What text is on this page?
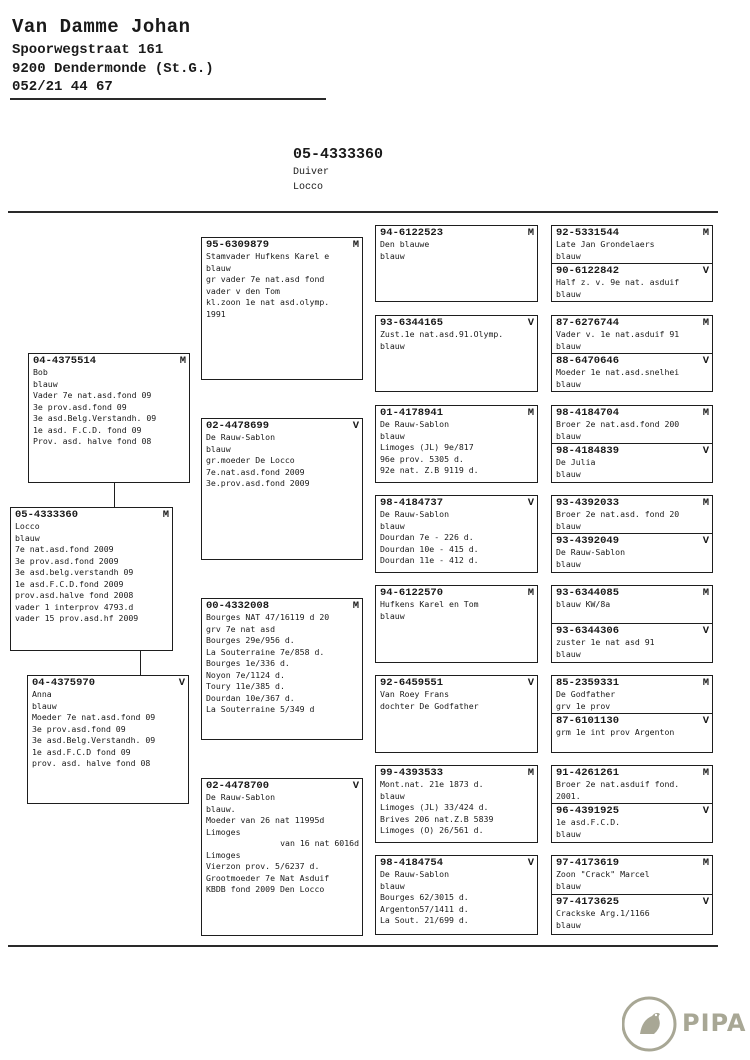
Van Damme Johan
Spoorwegstraat 161
9200 Dendermonde (St.G.)
052/21 44 67
05-4333360
Duiver
Locco
05-4333360	M
Locco
blauw
7e nat.asd.fond 2009
3e prov.asd.fond 2009
3e asd.belg.verstandh 09
1e asd.F.C.D.fond 2009
prov.asd.halve fond 2008
vader 1 interprov 4793.d
vader 15 prov.asd.hf 2009
04-4375514	M
Bob
blauw
Vader 7e nat.asd.fond 09
3e prov.asd.fond 09
3e asd.Belg.Verstandh. 09
1e asd. F.C.D. fond 09
Prov. asd. halve fond 08
04-4375970	V
Anna
blauw
Moeder 7e nat.asd.fond 09
3e prov.asd.fond 09
3e asd.Belg.Verstandh. 09
1e asd.F.C.D fond 09
prov. asd. halve fond 08
95-6309879	M
Stamvader Hufkens Karel e
blauw
gr vader 7e nat.asd fond
vader v den Tom
kl.zoon 1e nat asd.olymp.
1991
02-4478699	V
De Rauw-Sablon
blauw
gr.moeder De Locco
7e.nat.asd.fond 2009
3e.prov.asd.fond 2009
00-4332008	M
Bourges NAT 47/16119 d 20
grv 7e nat asd
Bourges 29e/956 d.
La Souterraine 7e/858 d.
Bourges 1e/336 d.
Noyon 7e/1124 d.
Toury 11e/385 d.
Dourdan 10e/367 d.
La Souterraine 5/349 d
02-4478700	V
De Rauw-Sablon
blauw.
Moeder van 26 nat 11995d
Limoges
van 16 nat 6016d
Limoges
Vierzon prov. 5/6237 d.
Grootmoeder 7e Nat Asduif
KBDB fond 2009 Den Locco
94-6122523	M
Den blauwe
blauw
93-6344165	V
Zust.1e nat.asd.91.Olymp.
blauw
01-4178941	M
De Rauw-Sablon
blauw
Limoges (JL) 9e/817
96e prov. 5305 d.
92e nat. Z.B 9119 d.
98-4184737	V
De Rauw-Sablon
blauw
Dourdan 7e - 226 d.
Dourdan 10e - 415 d.
Dourdan 11e - 412 d.
94-6122570	M
Hufkens Karel en Tom
blauw
92-6459551	V
Van Roey Frans
dochter De Godfather
99-4393533	M
Mont.nat. 21e 1873 d.
blauw
Limoges (JL) 33/424 d.
Brives 206 nat.Z.B 5839
Limoges (O) 26/561 d.
98-4184754	V
De Rauw-Sablon
blauw
Bourges 62/3015 d.
Argenton57/1411 d.
La Sout. 21/699 d.
92-5331544	M
Late Jan Grondelaers
blauw
90-6122842	V
Half z. v. 9e nat. asduif
blauw
87-6276744	M
Vader v. 1e nat.asduif 91
blauw
88-6470646	V
Moeder 1e nat.asd.snelhei
blauw
98-4184704	M
Broer 2e nat.asd.fond 200
blauw
98-4184839	V
De Julia
blauw
93-4392033	M
Broer 2e nat.asd. fond 20
blauw
93-4392049	V
De Rauw-Sablon
blauw
93-6344085	M
blauw KW/8a
93-6344306	V
zuster 1e nat asd 91
blauw
85-2359331	M
De Godfather
grv 1e prov
87-6101130	V
grm 1e int prov Argenton
91-4261261	M
Broer 2e nat.asduif fond.
2001.
96-4391925	V
1e asd.F.C.D.
blauw
97-4173619	M
Zoon "Crack" Marcel
blauw
97-4173625	V
Crackske Arg.1/1166
blauw
PIPA
